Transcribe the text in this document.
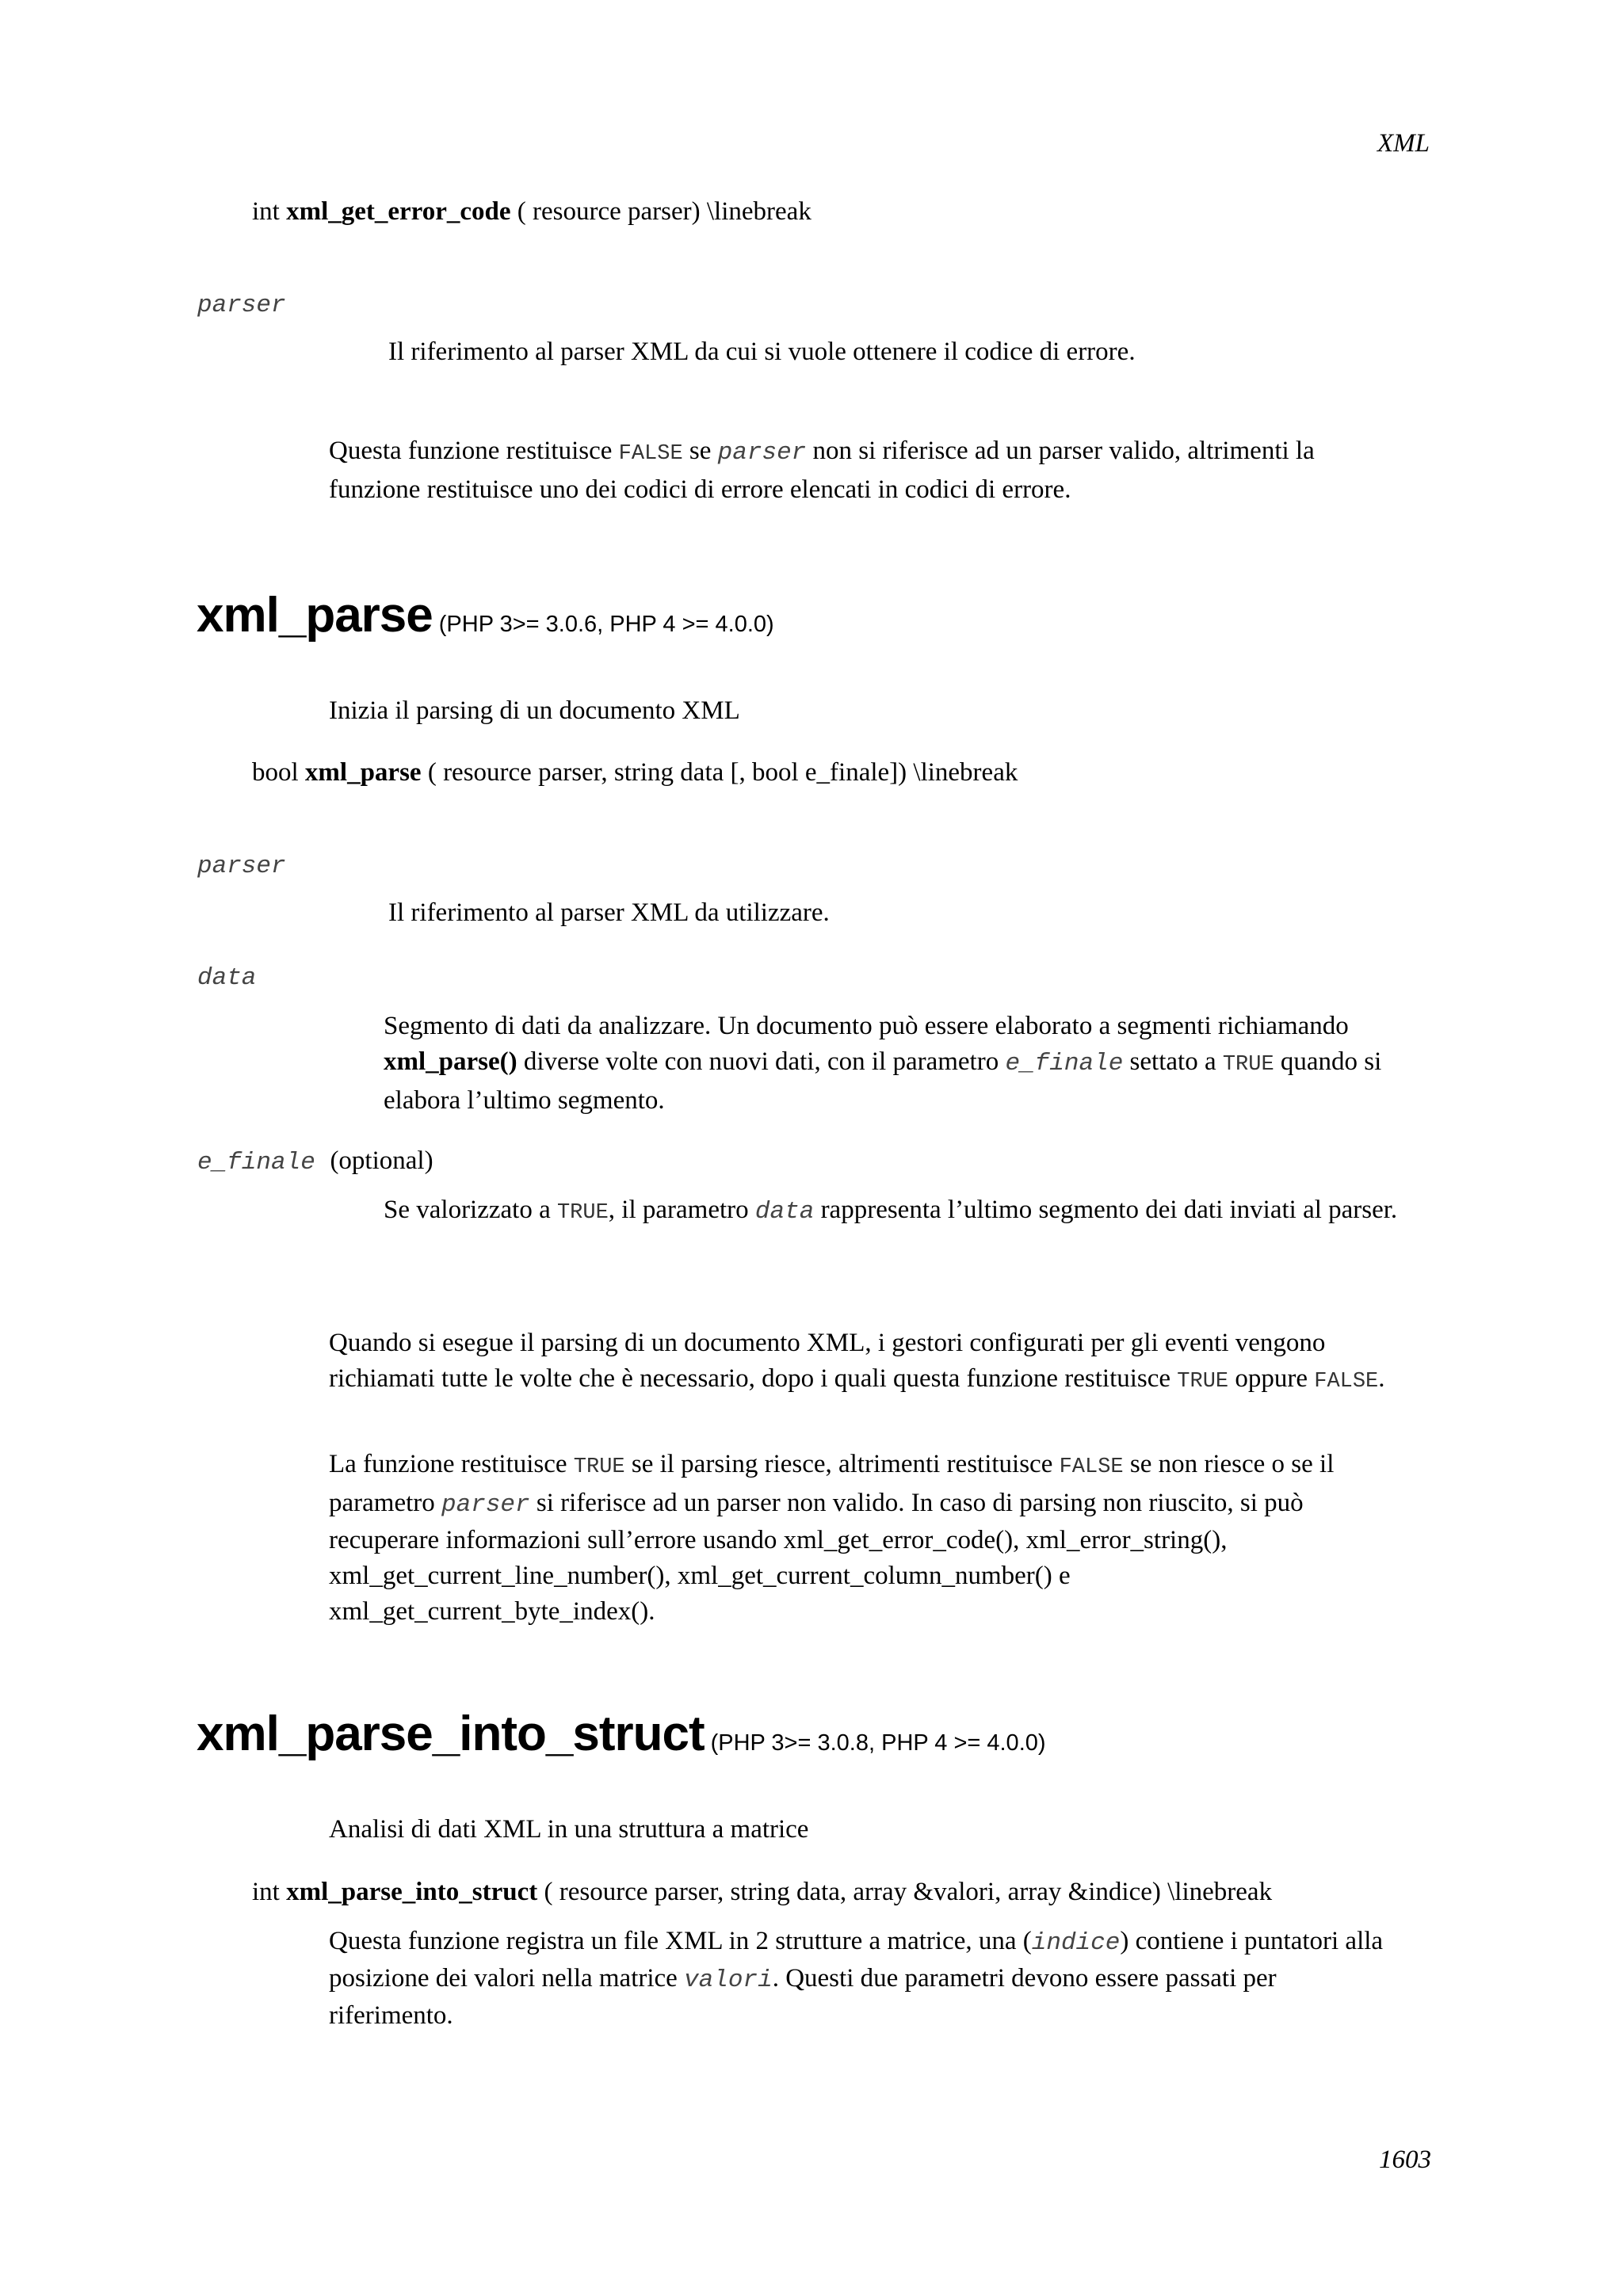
XML
int xml_get_error_code ( resource parser) \linebreak
parser
Il riferimento al parser XML da cui si vuole ottenere il codice di errore.
Questa funzione restituisce FALSE se parser non si riferisce ad un parser valido, altrimenti la funzione restituisce uno dei codici di errore elencati in codici di errore.
xml_parse (PHP 3>= 3.0.6, PHP 4 >= 4.0.0)
Inizia il parsing di un documento XML
bool xml_parse ( resource parser, string data [, bool e_finale]) \linebreak
parser
Il riferimento al parser XML da utilizzare.
data
Segmento di dati da analizzare. Un documento può essere elaborato a segmenti richiamando xml_parse() diverse volte con nuovi dati, con il parametro e_finale settato a TRUE quando si elabora l’ultimo segmento.
e_finale (optional)
Se valorizzato a TRUE, il parametro data rappresenta l’ultimo segmento dei dati inviati al parser.
Quando si esegue il parsing di un documento XML, i gestori configurati per gli eventi vengono richiamati tutte le volte che è necessario, dopo i quali questa funzione restituisce TRUE oppure FALSE.
La funzione restituisce TRUE se il parsing riesce, altrimenti restituisce FALSE se non riesce o se il parametro parser si riferisce ad un parser non valido. In caso di parsing non riuscito, si può recuperare informazioni sull’errore usando xml_get_error_code(), xml_error_string(), xml_get_current_line_number(), xml_get_current_column_number() e xml_get_current_byte_index().
xml_parse_into_struct (PHP 3>= 3.0.8, PHP 4 >= 4.0.0)
Analisi di dati XML in una struttura a matrice
int xml_parse_into_struct ( resource parser, string data, array &valori, array &indice) \linebreak
Questa funzione registra un file XML in 2 strutture a matrice, una (indice) contiene i puntatori alla posizione dei valori nella matrice valori. Questi due parametri devono essere passati per riferimento.
1603
